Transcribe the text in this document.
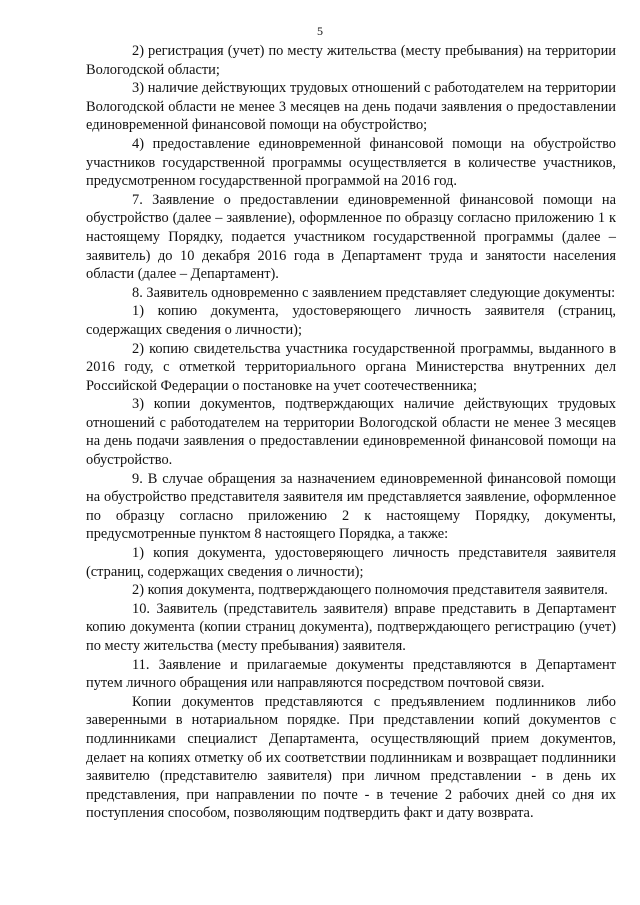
5

2) регистрация (учет) по месту жительства (месту пребывания) на территории Вологодской области;

3) наличие действующих трудовых отношений с работодателем на территории Вологодской области не менее 3 месяцев на день подачи заявления о предоставлении единовременной финансовой помощи на обустройство;

4) предоставление единовременной финансовой помощи на обустройство участников государственной программы осуществляется в количестве участников, предусмотренном государственной программой на 2016 год.

7. Заявление о предоставлении единовременной финансовой помощи на обустройство (далее – заявление), оформленное по образцу согласно приложению 1 к настоящему Порядку, подается участником государственной программы (далее – заявитель) до 10 декабря 2016 года в Департамент труда и занятости населения области (далее – Департамент).

8. Заявитель одновременно с заявлением представляет следующие документы:

1) копию документа, удостоверяющего личность заявителя (страниц, содержащих сведения о личности);

2) копию свидетельства участника государственной программы, выданного в 2016 году, с отметкой территориального органа Министерства внутренних дел Российской Федерации о постановке на учет соотечественника;

3) копии документов, подтверждающих наличие действующих трудовых отношений с работодателем на территории Вологодской области не менее 3 месяцев на день подачи заявления о предоставлении единовременной финансовой помощи на обустройство.

9. В случае обращения за назначением единовременной финансовой помощи на обустройство представителя заявителя им представляется заявление, оформленное по образцу согласно приложению 2 к настоящему Порядку, документы, предусмотренные пунктом 8 настоящего Порядка, а также:

1) копия документа, удостоверяющего личность представителя заявителя (страниц, содержащих сведения о личности);

2) копия документа, подтверждающего полномочия представителя заявителя.

10. Заявитель (представитель заявителя) вправе представить в Департамент копию документа (копии страниц документа), подтверждающего регистрацию (учет) по месту жительства (месту пребывания) заявителя.

11. Заявление и прилагаемые документы представляются в Департамент путем личного обращения или направляются посредством почтовой связи.

Копии документов представляются с предъявлением подлинников либо заверенными в нотариальном порядке. При представлении копий документов с подлинниками специалист Департамента, осуществляющий прием документов, делает на копиях отметку об их соответствии подлинникам и возвращает подлинники заявителю (представителю заявителя) при личном представлении - в день их представления, при направлении по почте - в течение 2 рабочих дней со дня их поступления способом, позволяющим подтвердить факт и дату возврата.
